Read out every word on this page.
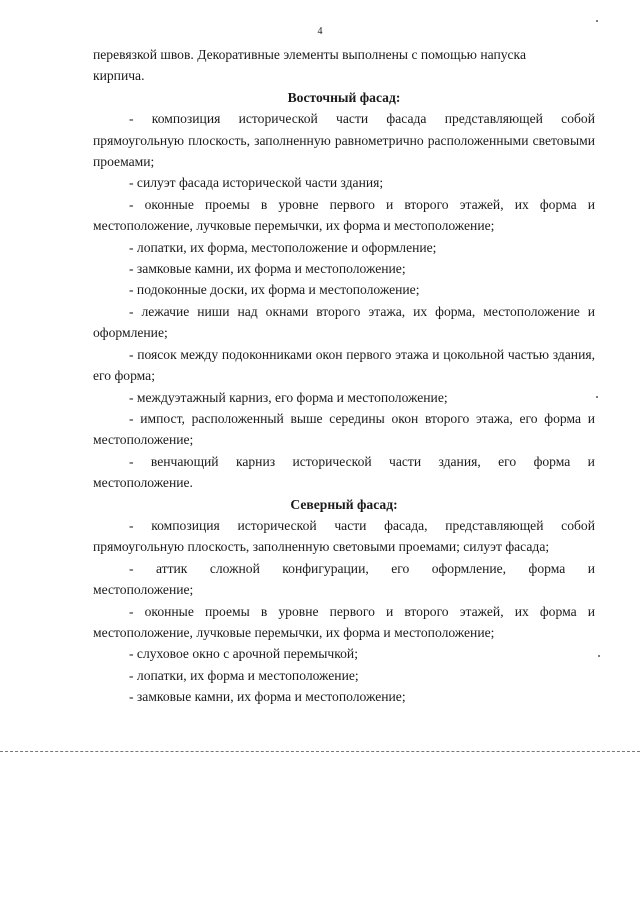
4

перевязкой швов. Декоративные элементы выполнены с помощью напуска

кирпича.

Восточный фасад:

- композиция исторической части фасада представляющей собой прямоугольную плоскость, заполненную равнометрично расположенными световыми проемами;

- силуэт фасада исторической части здания;

- оконные проемы в уровне первого и второго этажей, их форма и местоположение, лучковые перемычки, их форма и местоположение;

- лопатки, их форма, местоположение и оформление;

- замковые камни, их форма и местоположение;

- подоконные доски, их форма и местоположение;

- лежачие ниши над окнами второго этажа, их форма, местоположение и оформление;

- поясок между подоконниками окон первого этажа и цокольной частью здания, его форма;

- междуэтажный карниз, его форма и местоположение;

- импост, расположенный выше середины окон второго этажа, его форма и местоположение;

- венчающий карниз исторической части здания, его форма и

местоположение.

Северный фасад:

- композиция исторической части фасада, представляющей собой прямоугольную плоскость, заполненную световыми проемами; силуэт фасада;

- аттик сложной конфигурации, его оформление, форма и

местоположение;

- оконные проемы в уровне первого и второго этажей, их форма и местоположение, лучковые перемычки, их форма и местоположение;

- слуховое окно с арочной перемычкой;

- лопатки, их форма и местоположение;

- замковые камни, их форма и местоположение;
